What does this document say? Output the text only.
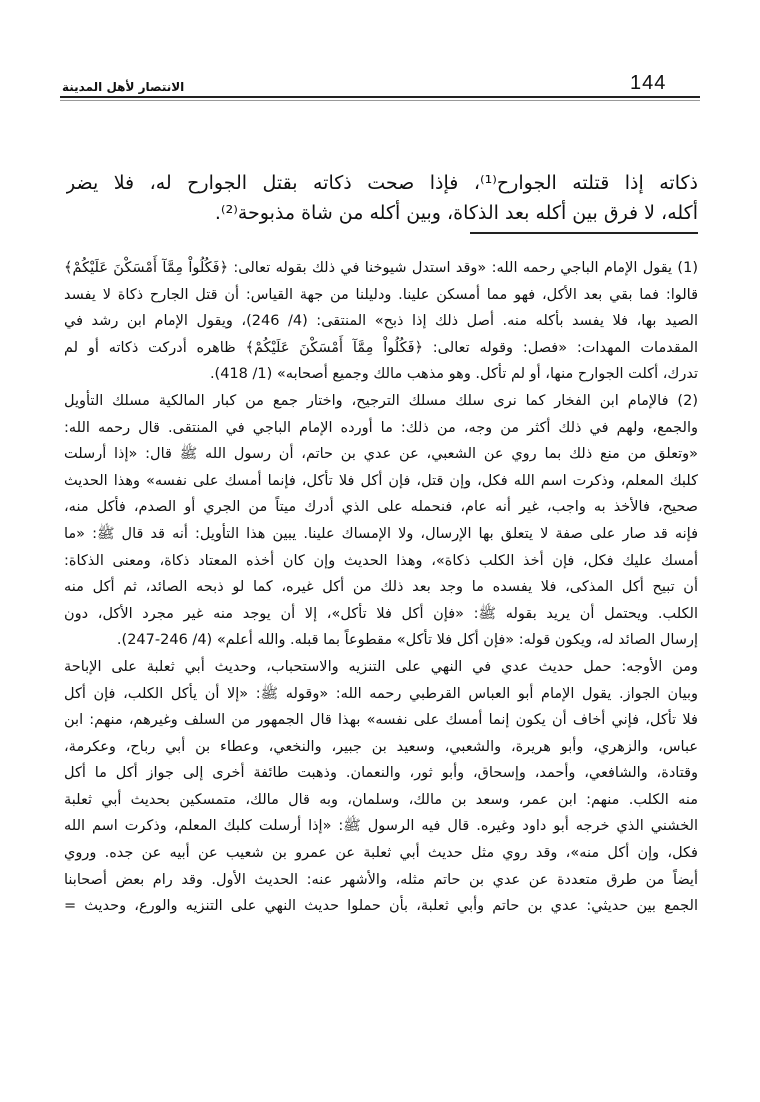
الانتصار لأهل المدينة	144
ذكاته إذا قتلته الجوارح⁽¹⁾، فإذا صحت ذكاته بقتل الجوارح له، فلا يضر
أكله، لا فرق بين أكله بعد الذكاة، وبين أكله من شاة مذبوحة⁽²⁾.
(1) يقول الإمام الباجي رحمه الله: «وقد استدل شيوخنا في ذلك بقوله تعالى: ﴿فَكُلُواْ مِمَّآ أَمْسَكْنَ عَلَيْكُمْ﴾
قالوا: فما بقي بعد الأكل، فهو مما أمسكن علينا. ودليلنا من جهة القياس: أن قتل الجارح ذكاة لا يفسد
الصيد بها، فلا يفسد بأكله منه. أصل ذلك إذا ذبح» المنتقى: (4/ 246)، ويقول الإمام ابن رشد في
المقدمات المهدات: «فصل: وقوله تعالى: ﴿فَكُلُواْ مِمَّآ أَمْسَكْنَ عَلَيْكُمْ﴾ ظاهره أدركت ذكاته أو لم
تدرك، أكلت الجوارح منها، أو لم تأكل. وهو مذهب مالك وجميع أصحابه» (1/ 418).
(2) فالإمام ابن الفخار كما نرى سلك مسلك الترجيح، واختار جمع من كبار المالكية مسلك التأويل
والجمع، ولهم في ذلك أكثر من وجه، من ذلك: ما أورده الإمام الباجي في المنتقى. قال رحمه الله:
«وتعلق من منع ذلك بما روي عن الشعبي، عن عدي بن حاتم، أن رسول الله ﷺ قال: «إذا أرسلت
كلبك المعلم، وذكرت اسم الله فكل، وإن قتل، فإن أكل فلا تأكل، فإنما أمسك على نفسه» وهذا الحديث
صحيح، فالأخذ به واجب، غير أنه عام، فنحمله على الذي أدرك ميتاً من الجري أو الصدم، فأكل منه،
فإنه قد صار على صفة لا يتعلق بها الإرسال، ولا الإمساك علينا. يبين هذا التأويل: أنه قد قال ﷺ: «ما
أمسك عليك فكل، فإن أخذ الكلب ذكاة»، وهذا الحديث وإن كان أخذه المعتاد ذكاة، ومعنى الذكاة:
أن تبيح أكل المذكى، فلا يفسده ما وجد بعد ذلك من أكل غيره، كما لو ذبحه الصائد، ثم أكل منه
الكلب. ويحتمل أن يريد بقوله ﷺ: «فإن أكل فلا تأكل»، إلا أن يوجد منه غير مجرد الأكل، دون
إرسال الصائد له، ويكون قوله: «فإن أكل فلا تأكل» مقطوعاً بما قبله. والله أعلم» (4/ 246-247).
ومن الأوجه: حمل حديث عدي في النهي على التنزيه والاستحباب، وحديث أبي ثعلبة على الإباحة
وبيان الجواز. يقول الإمام أبو العباس القرطبي رحمه الله: «وقوله ﷺ: «إلا أن يأكل الكلب، فإن أكل
فلا تأكل، فإني أخاف أن يكون إنما أمسك على نفسه» بهذا قال الجمهور من السلف وغيرهم، منهم: ابن
عباس، والزهري، وأبو هريرة، والشعبي، وسعيد بن جبير، والنخعي، وعطاء بن أبي رباح، وعكرمة،
وقتادة، والشافعي، وأحمد، وإسحاق، وأبو ثور، والنعمان. وذهبت طائفة أخرى إلى جواز أكل ما أكل
منه الكلب. منهم: ابن عمر، وسعد بن مالك، وسلمان، وبه قال مالك، متمسكين بحديث أبي ثعلبة
الخشني الذي خرجه أبو داود وغيره. قال فيه الرسول ﷺ: «إذا أرسلت كلبك المعلم، وذكرت اسم الله
فكل، وإن أكل منه»، وقد روي مثل حديث أبي ثعلبة عن عمرو بن شعيب عن أبيه عن جده. وروي
أيضاً من طرق متعددة عن عدي بن حاتم مثله، والأشهر عنه: الحديث الأول. وقد رام بعض أصحابنا
الجمع بين حديثي: عدي بن حاتم وأبي ثعلبة، بأن حملوا حديث النهي على التنزيه والورع، وحديث =
